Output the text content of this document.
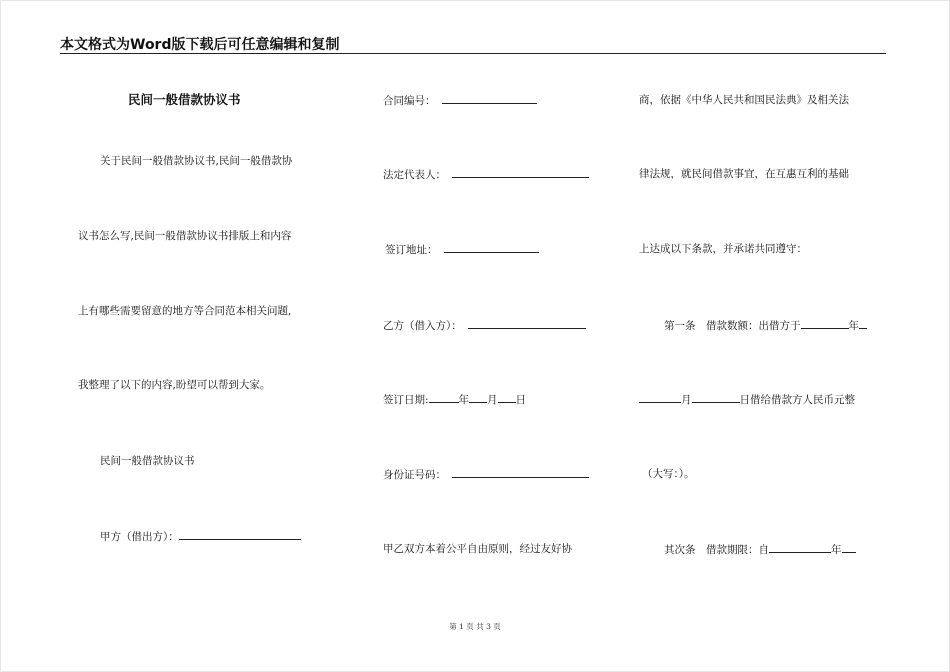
本文格式为Word版下载后可任意编辑和复制
民间一般借款协议书
关于民间一般借款协议书,民间一般借款协
议书怎么写,民间一般借款协议书排版上和内容
上有哪些需要留意的地方等合同范本相关问题,
我整理了以下的内容,盼望可以帮到大家。
民间一般借款协议书
甲方（借出方）：
合同编号：
法定代表人：
签订地址：
乙方（借入方）：
签订日期:	年 月 日
身份证号码：
甲乙双方本着公平自由原则，经过友好协
商，依据《中华人民共和国民法典》及相关法
律法规，就民间借款事宜，在互惠互利的基础
上达成以下条款，并承诺共同遵守：
第一条　借款数额：出借方于	年
月	日借给借款方人民币元整
（大写：）。
其次条　借款期限：自	年
第 1 页 共 3 页
